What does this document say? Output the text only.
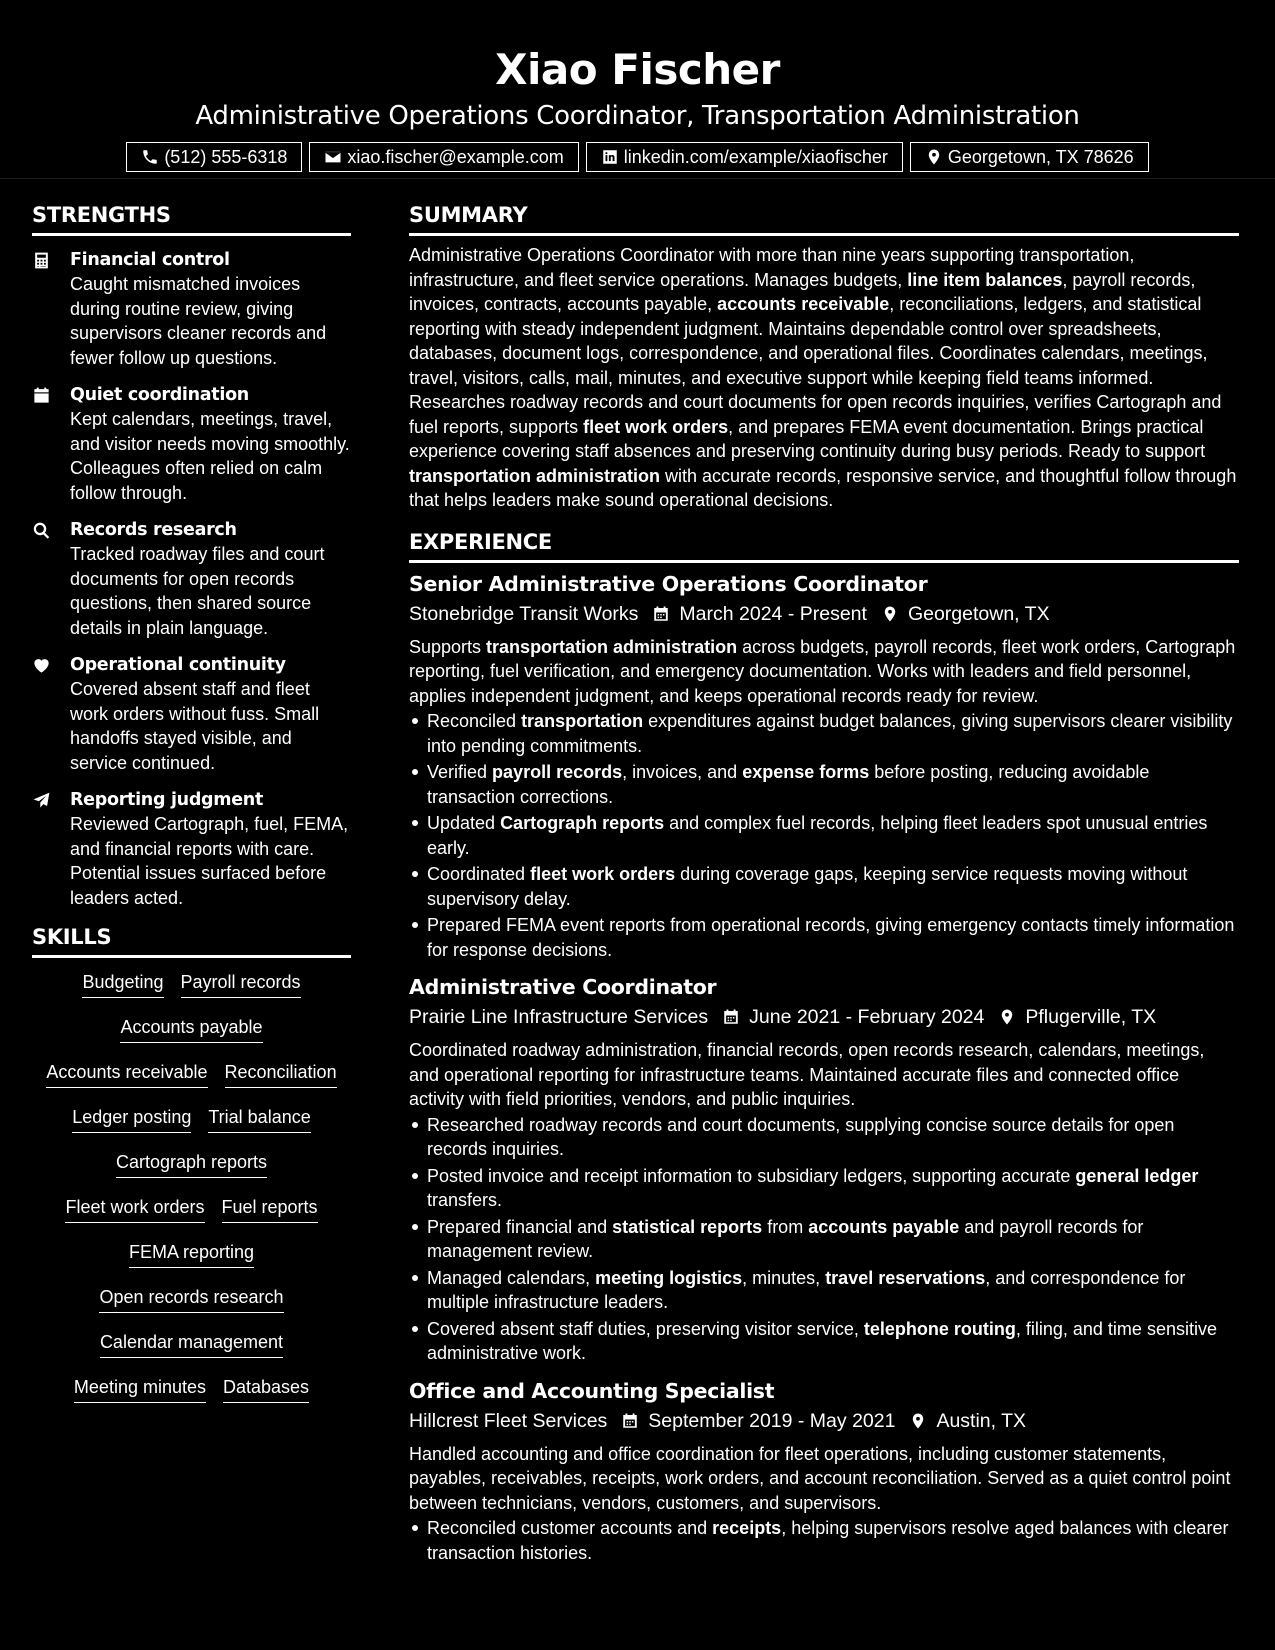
Xiao Fischer
Administrative Operations Coordinator, Transportation Administration
(512) 555-6318	xiao.fischer@example.com	linkedin.com/example/xiaofischer	Georgetown, TX 78626
STRENGTHS
Financial control
Caught mismatched invoices during routine review, giving supervisors cleaner records and fewer follow up questions.
Quiet coordination
Kept calendars, meetings, travel, and visitor needs moving smoothly. Colleagues often relied on calm follow through.
Records research
Tracked roadway files and court documents for open records questions, then shared source details in plain language.
Operational continuity
Covered absent staff and fleet work orders without fuss. Small handoffs stayed visible, and service continued.
Reporting judgment
Reviewed Cartograph, fuel, FEMA, and financial reports with care. Potential issues surfaced before leaders acted.
SKILLS
Budgeting Payroll records
Accounts payable
Accounts receivable Reconciliation
Ledger posting Trial balance
Cartograph reports
Fleet work orders Fuel reports
FEMA reporting
Open records research
Calendar management
Meeting minutes Databases
SUMMARY
Administrative Operations Coordinator with more than nine years supporting transportation, infrastructure, and fleet service operations. Manages budgets, line item balances, payroll records, invoices, contracts, accounts payable, accounts receivable, reconciliations, ledgers, and statistical reporting with steady independent judgment. Maintains dependable control over spreadsheets, databases, document logs, correspondence, and operational files. Coordinates calendars, meetings, travel, visitors, calls, mail, minutes, and executive support while keeping field teams informed. Researches roadway records and court documents for open records inquiries, verifies Cartograph and fuel reports, supports fleet work orders, and prepares FEMA event documentation. Brings practical experience covering staff absences and preserving continuity during busy periods. Ready to support transportation administration with accurate records, responsive service, and thoughtful follow through that helps leaders make sound operational decisions.
EXPERIENCE
Senior Administrative Operations Coordinator
Stonebridge Transit Works March 2024 - Present Georgetown, TX
Supports transportation administration across budgets, payroll records, fleet work orders, Cartograph reporting, fuel verification, and emergency documentation. Works with leaders and field personnel, applies independent judgment, and keeps operational records ready for review.
Reconciled transportation expenditures against budget balances, giving supervisors clearer visibility into pending commitments.
Verified payroll records, invoices, and expense forms before posting, reducing avoidable transaction corrections.
Updated Cartograph reports and complex fuel records, helping fleet leaders spot unusual entries early.
Coordinated fleet work orders during coverage gaps, keeping service requests moving without supervisory delay.
Prepared FEMA event reports from operational records, giving emergency contacts timely information for response decisions.
Administrative Coordinator
Prairie Line Infrastructure Services June 2021 - February 2024 Pflugerville, TX
Coordinated roadway administration, financial records, open records research, calendars, meetings, and operational reporting for infrastructure teams. Maintained accurate files and connected office activity with field priorities, vendors, and public inquiries.
Researched roadway records and court documents, supplying concise source details for open records inquiries.
Posted invoice and receipt information to subsidiary ledgers, supporting accurate general ledger transfers.
Prepared financial and statistical reports from accounts payable and payroll records for management review.
Managed calendars, meeting logistics, minutes, travel reservations, and correspondence for multiple infrastructure leaders.
Covered absent staff duties, preserving visitor service, telephone routing, filing, and time sensitive administrative work.
Office and Accounting Specialist
Hillcrest Fleet Services September 2019 - May 2021 Austin, TX
Handled accounting and office coordination for fleet operations, including customer statements, payables, receivables, receipts, work orders, and account reconciliation. Served as a quiet control point between technicians, vendors, customers, and supervisors.
Reconciled customer accounts and receipts, helping supervisors resolve aged balances with clearer transaction histories.
